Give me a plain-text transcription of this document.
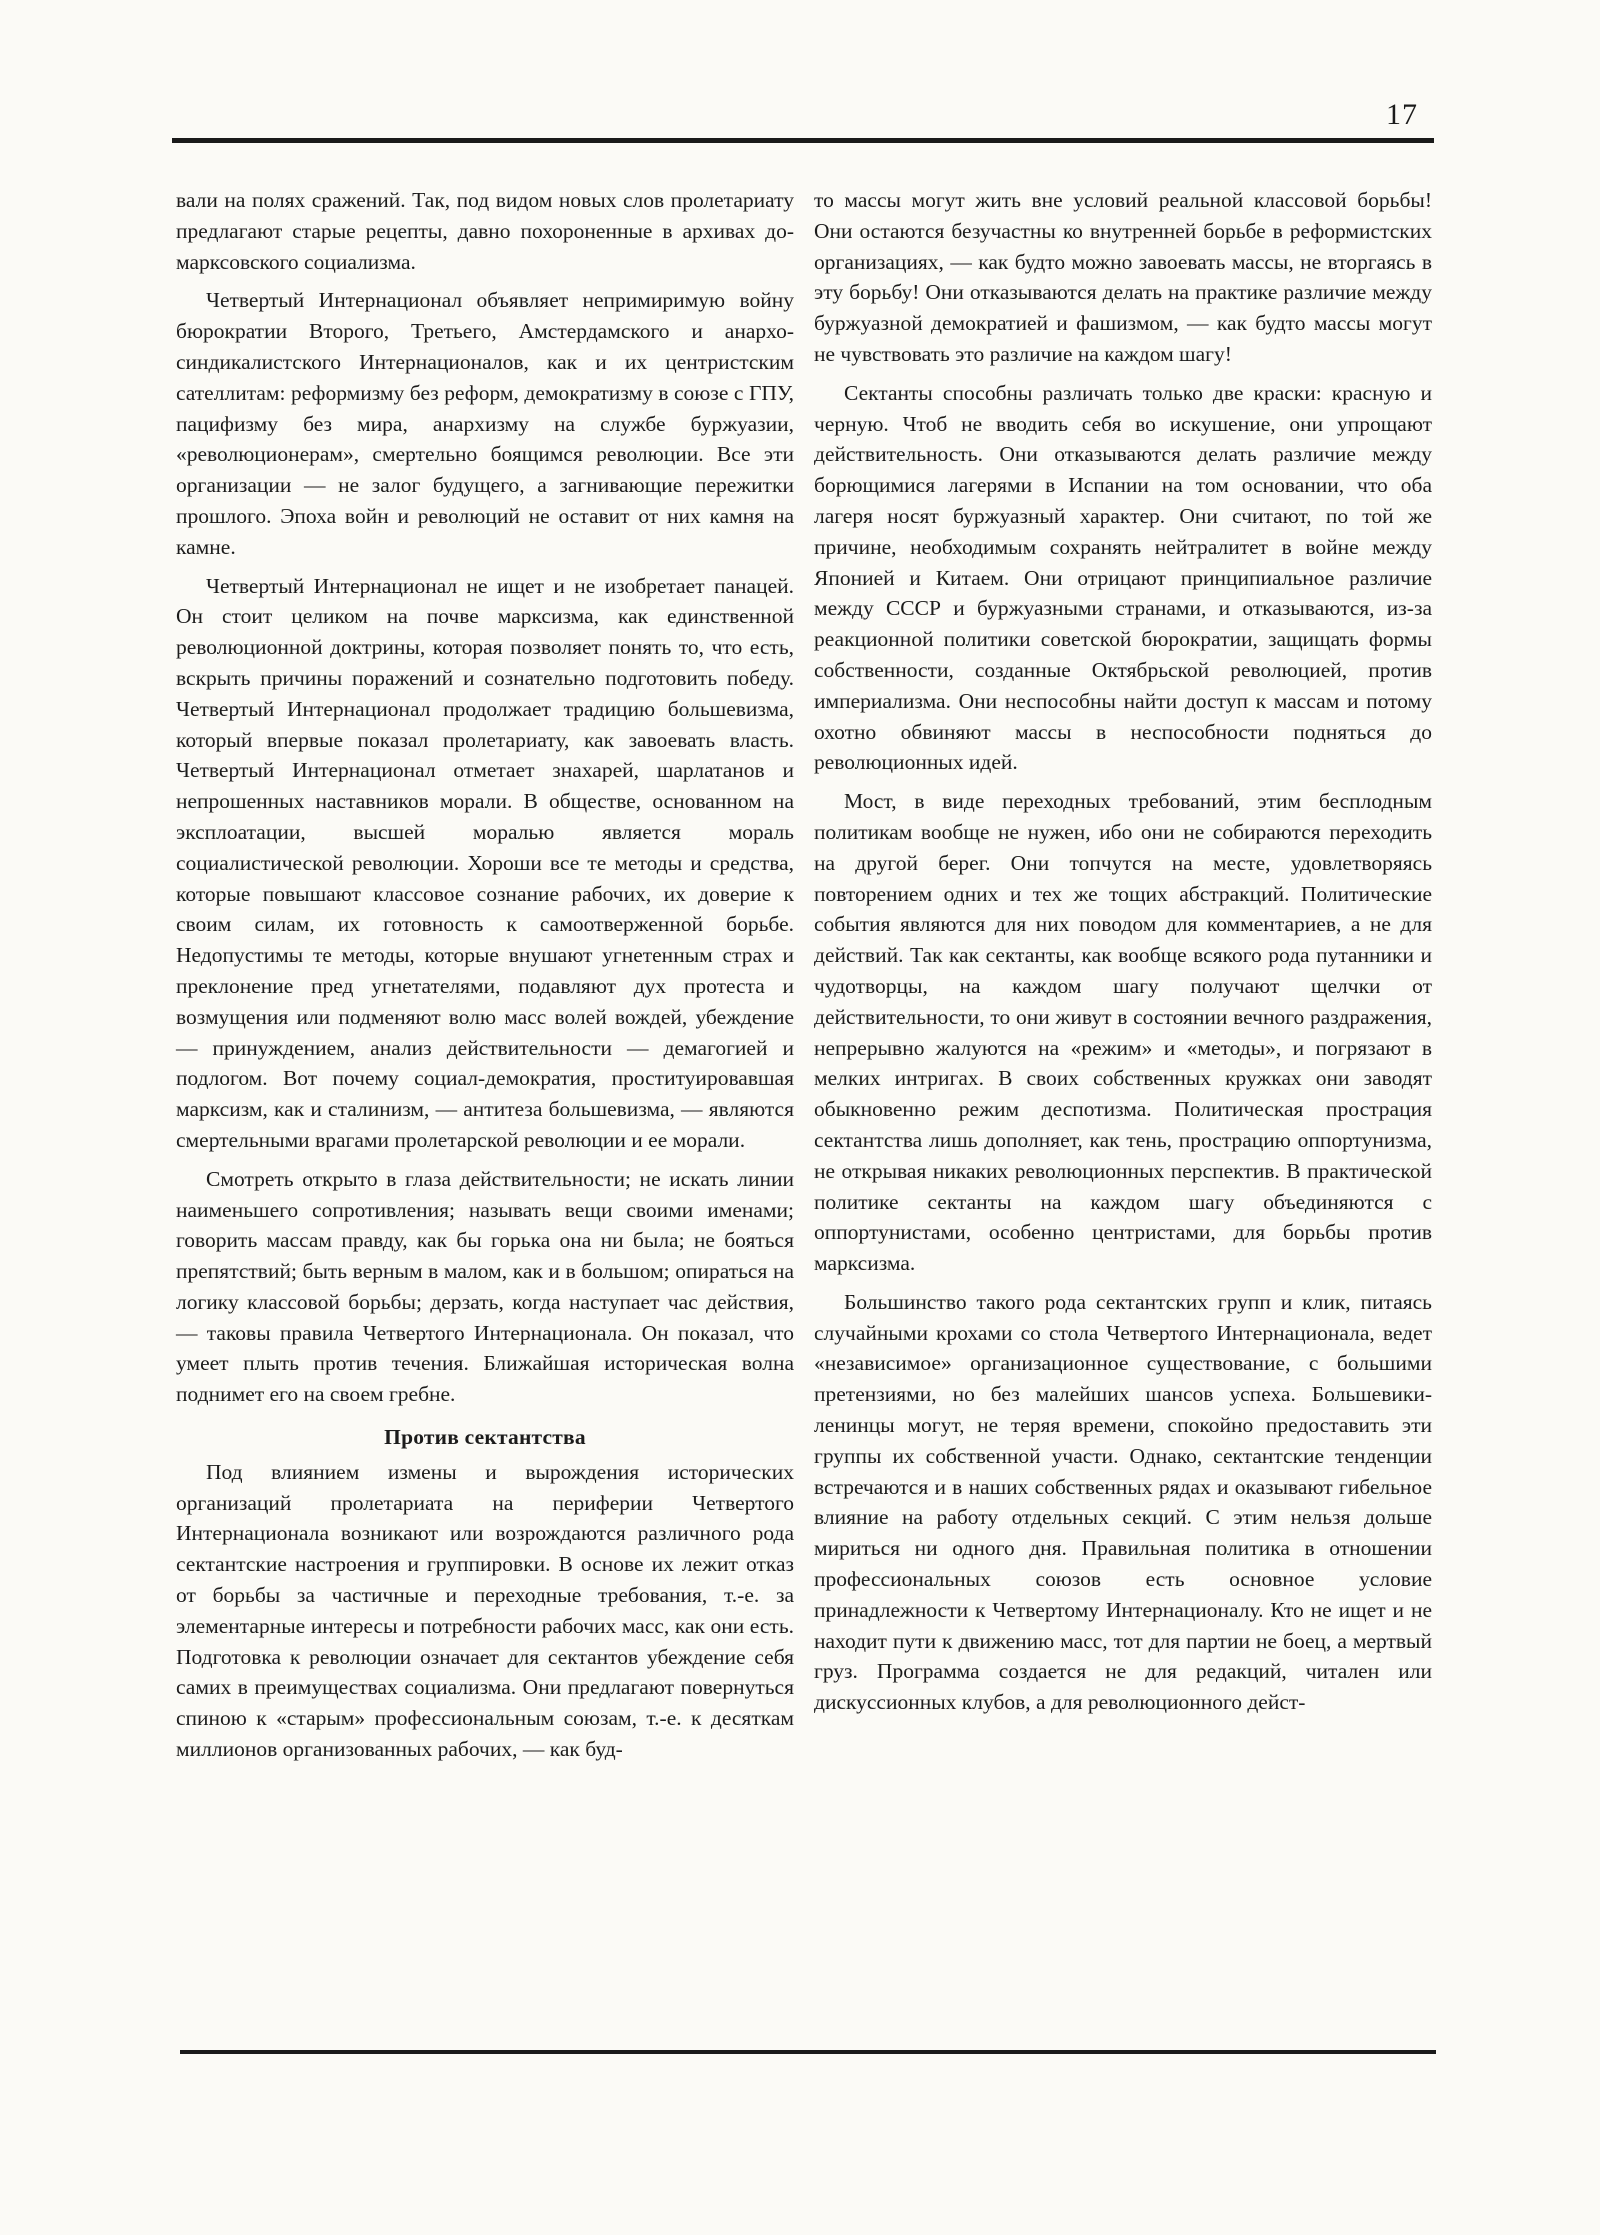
17

вали на полях сражений. Так, под видом новых слов пролетариату предлагают старые рецепты, давно похороненные в архивах до-марксовского социализма.

Четвертый Интернационал объявляет непримиримую войну бюрократии Второго, Третьего, Амстердамского и анархо-синдикалистского Интернационалов, как и их центристским сателлитам: реформизму без реформ, демократизму в союзе с ГПУ, пацифизму без мира, анархизму на службе буржуазии, «революционерам», смертельно боящимся революции. Все эти организации — не залог будущего, а загнивающие пережитки прошлого. Эпоха войн и революций не оставит от них камня на камне.

Четвертый Интернационал не ищет и не изобретает панацей. Он стоит целиком на почве марксизма, как единственной революционной доктрины, которая позволяет понять то, что есть, вскрыть причины поражений и сознательно подготовить победу. Четвертый Интернационал продолжает традицию большевизма, который впервые показал пролетариату, как завоевать власть. Четвертый Интернационал отметает знахарей, шарлатанов и непрошенных наставников морали. В обществе, основанном на эксплоатации, высшей моралью является мораль социалистической революции. Хороши все те методы и средства, которые повышают классовое сознание рабочих, их доверие к своим силам, их готовность к самоотверженной борьбе. Недопустимы те методы, которые внушают угнетенным страх и преклонение пред угнетателями, подавляют дух протеста и возмущения или подменяют волю масс волей вождей, убеждение — принуждением, анализ действительности — демагогией и подлогом. Вот почему социал-демократия, проституировавшая марксизм, как и сталинизм, — антитеза большевизма, — являются смертельными врагами пролетарской революции и ее морали.

Смотреть открыто в глаза действительности; не искать линии наименьшего сопротивления; называть вещи своими именами; говорить массам правду, как бы горька она ни была; не бояться препятствий; быть верным в малом, как и в большом; опираться на логику классовой борьбы; дерзать, когда наступает час действия, — таковы правила Четвертого Интернационала. Он показал, что умеет плыть против течения. Ближайшая историческая волна поднимет его на своем гребне.

Против сектантства

Под влиянием измены и вырождения исторических организаций пролетариата на периферии Четвертого Интернационала возникают или возрождаются различного рода сектантские настроения и группировки. В основе их лежит отказ от борьбы за частичные и переходные требования, т.-е. за элементарные интересы и потребности рабочих масс, как они есть. Подготовка к революции означает для сектантов убеждение себя самих в преимуществах социализма. Они предлагают повернуться спиною к «старым» профессиональным союзам, т.-е. к десяткам миллионов организованных рабочих, — как буд-

то массы могут жить вне условий реальной классовой борьбы! Они остаются безучастны ко внутренней борьбе в реформистских организациях, — как будто можно завоевать массы, не вторгаясь в эту борьбу! Они отказываются делать на практике различие между буржуазной демократией и фашизмом, — как будто массы могут не чувствовать это различие на каждом шагу!

Сектанты способны различать только две краски: красную и черную. Чтоб не вводить себя во искушение, они упрощают действительность. Они отказываются делать различие между борющимися лагерями в Испании на том основании, что оба лагеря носят буржуазный характер. Они считают, по той же причине, необходимым сохранять нейтралитет в войне между Японией и Китаем. Они отрицают принципиальное различие между СССР и буржуазными странами, и отказываются, из-за реакционной политики советской бюрократии, защищать формы собственности, созданные Октябрьской революцией, против империализма. Они неспособны найти доступ к массам и потому охотно обвиняют массы в неспособности подняться до революционных идей.

Мост, в виде переходных требований, этим бесплодным политикам вообще не нужен, ибо они не собираются переходить на другой берег. Они топчутся на месте, удовлетворяясь повторением одних и тех же тощих абстракций. Политические события являются для них поводом для комментариев, а не для действий. Так как сектанты, как вообще всякого рода путанники и чудотворцы, на каждом шагу получают щелчки от действительности, то они живут в состоянии вечного раздражения, непрерывно жалуются на «режим» и «методы», и погрязают в мелких интригах. В своих собственных кружках они заводят обыкновенно режим деспотизма. Политическая прострация сектантства лишь дополняет, как тень, прострацию оппортунизма, не открывая никаких революционных перспектив. В практической политике сектанты на каждом шагу объединяются с оппортунистами, особенно центристами, для борьбы против марксизма.

Большинство такого рода сектантских групп и клик, питаясь случайными крохами со стола Четвертого Интернационала, ведет «независимое» организационное существование, с большими претензиями, но без малейших шансов успеха. Большевики-ленинцы могут, не теряя времени, спокойно предоставить эти группы их собственной участи. Однако, сектантские тенденции встречаются и в наших собственных рядах и оказывают гибельное влияние на работу отдельных секций. С этим нельзя дольше мириться ни одного дня. Правильная политика в отношении профессиональных союзов есть основное условие принадлежности к Четвертому Интернационалу. Кто не ищет и не находит пути к движению масс, тот для партии не боец, а мертвый груз. Программа создается не для редакций, читален или дискуссионных клубов, а для революционного дейст-
